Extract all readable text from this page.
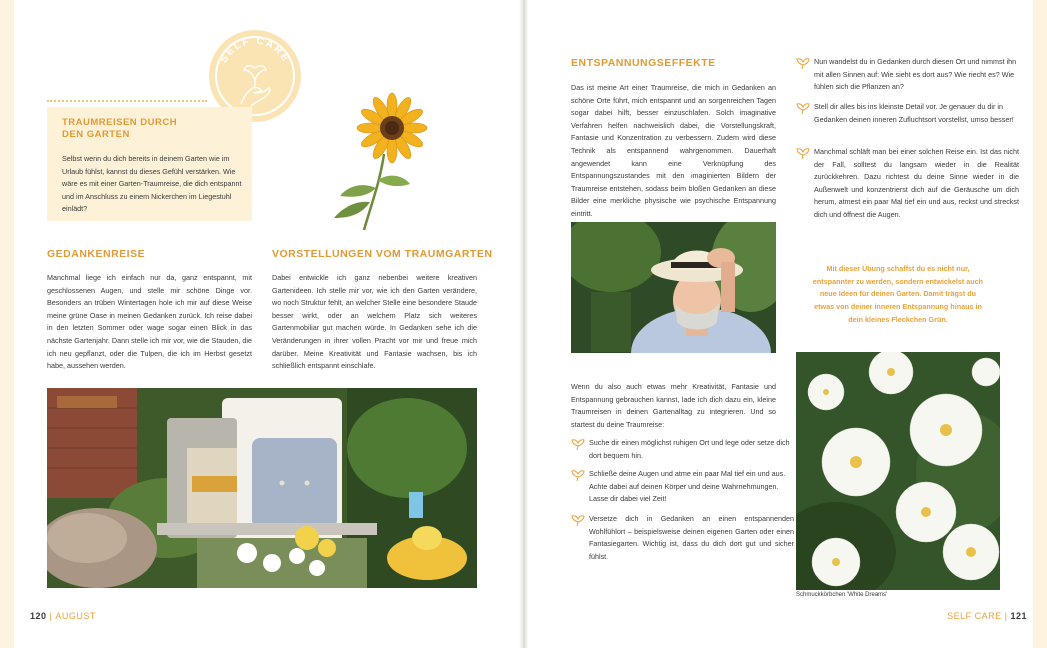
SELF CARE
TRAUMREISEN DURCH
DEN GARTEN

Selbst wenn du dich bereits in deinem Garten wie im Urlaub fühlst, kannst du dieses Gefühl verstärken. Wie wäre es mit einer Garten-Traumreise, die dich entspannt und im Anschluss zu einem Nickerchen im Liegestuhl einlädt?

GEDANKENREISE

Manchmal liege ich einfach nur da, ganz entspannt, mit geschlossenen Augen, und stelle mir schöne Dinge vor. Besonders an trüben Wintertagen hole ich mir auf diese Weise meine grüne Oase in meinen Gedanken zurück. Ich reise dabei in den letzten Sommer oder wage sogar einen Blick in das nächste Gartenjahr. Dann stelle ich mir vor, wie die Stauden, die ich neu gepflanzt, oder die Tulpen, die ich im Herbst gesetzt habe, aussehen werden.

VORSTELLUNGEN VOM TRAUMGARTEN

Dabei entwickle ich ganz nebenbei weitere kreativen Gartenideen. Ich stelle mir vor, wie ich den Garten verändere, wo noch Struktur fehlt, an welcher Stelle eine besondere Staude besser wirkt, oder an welchem Platz sich weiteres Gartenmobiliar gut machen würde. In Gedanken sehe ich die Veränderungen in ihrer vollen Pracht vor mir und freue mich darüber. Meine Kreativität und Fantasie wachsen, bis ich schließlich entspannt einschlafe.

120 | AUGUST
ENTSPANNUNGSEFFEKTE

Das ist meine Art einer Traumreise, die mich in Gedanken an schöne Orte führt, mich entspannt und an sorgenreichen Tagen sogar dabei hilft, besser einzuschlafen. Solch imaginative Verfahren helfen nachweislich dabei, die Vorstellungskraft, Fantasie und Konzentration zu verbessern. Zudem wird diese Technik als entspannend wahrgenommen. Dauerhaft angewendet kann eine Verknüpfung des Entspannungszustandes mit den imaginierten Bildern der Traumreise entstehen, sodass beim bloßen Gedanken an diese Bilder eine merkliche physische wie psychische Entspannung eintritt.

Wenn du also auch etwas mehr Kreativität, Fantasie und Entspannung gebrauchen kannst, lade ich dich dazu ein, kleine Traumreisen in deinen Gartenalltag zu integrieren. Und so startest du deine Traumreise:

Suche dir einen möglichst ruhigen Ort und lege oder setze dich dort bequem hin.
Schließe deine Augen und atme ein paar Mal tief ein und aus. Achte dabei auf deinen Körper und deine Wahrnehmungen. Lasse dir dabei viel Zeit!
Versetze dich in Gedanken an einen entspannenden Wohlfühlort – beispielsweise deinen eigenen Garten oder einen Fantasiegarten. Wichtig ist, dass du dich dort gut und sicher fühlst.
Nun wandelst du in Gedanken durch diesen Ort und nimmst ihn mit allen Sinnen auf: Wie sieht es dort aus? Wie riecht es? Wie fühlen sich die Pflanzen an?
Stell dir alles bis ins kleinste Detail vor. Je genauer du dir in Gedanken deinen inneren Zufluchtsort vorstellst, umso besser!
Manchmal schläft man bei einer solchen Reise ein. Ist das nicht der Fall, solltest du langsam wieder in die Realität zurückkehren. Dazu richtest du deine Sinne wieder in die Außenwelt und konzentrierst dich auf die Geräusche um dich herum, atmest ein paar Mal tief ein und aus, reckst und streckst dich und öffnest die Augen.

Mit dieser Übung schaffst du es nicht nur, entspannter zu werden, sondern entwickelst auch neue Ideen für deinen Garten. Damit trägst du etwas von deiner inneren Entspannung hinaus in dein kleines Fleckchen Grün.

Schmuckkörbchen 'White Dreams'
SELF CARE | 121
